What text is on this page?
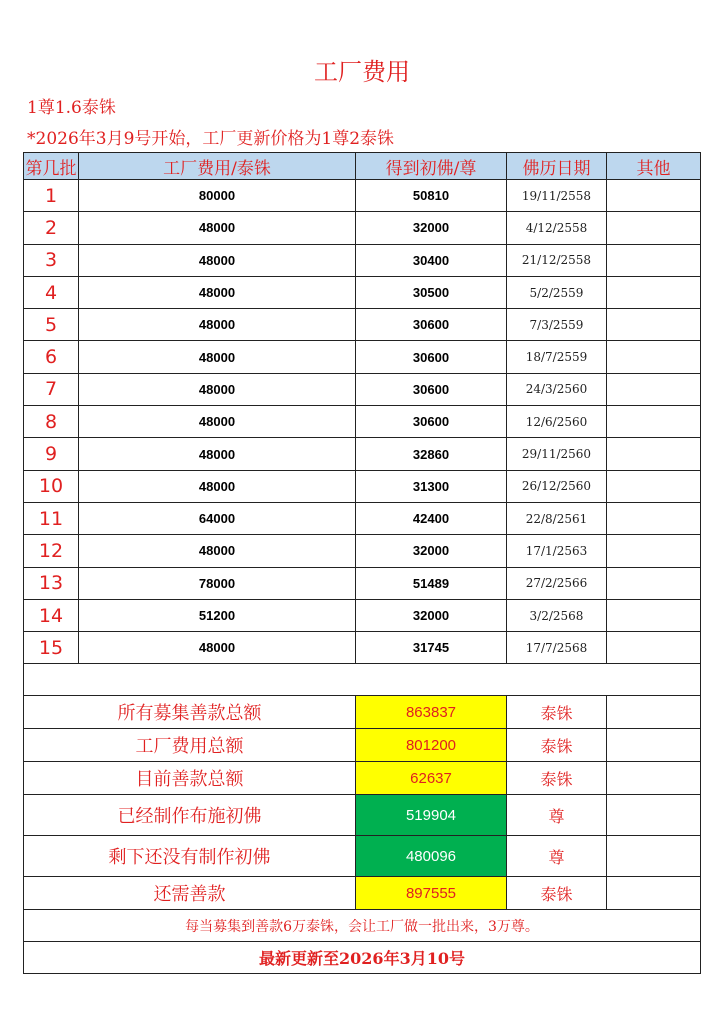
工厂费用
1尊1.6泰铢
*2026年3月9号开始，工厂更新价格为1尊2泰铢
第几批	工厂费用/泰铢	得到初佛/尊	佛历日期	其他
1	80000	50810	19/11/2558	
2	48000	32000	4/12/2558	
3	48000	30400	21/12/2558	
4	48000	30500	5/2/2559	
5	48000	30600	7/3/2559	
6	48000	30600	18/7/2559	
7	48000	30600	24/3/2560	
8	48000	30600	12/6/2560	
9	48000	32860	29/11/2560	
10	48000	31300	26/12/2560	
11	64000	42400	22/8/2561	
12	48000	32000	17/1/2563	
13	78000	51489	27/2/2566	
14	51200	32000	3/2/2568	
15	48000	31745	17/7/2568	

所有募集善款总额		863837	泰铢	
工厂费用总额		801200	泰铢	
目前善款总额		62637	泰铢	
已经制作布施初佛		519904	尊	
剩下还没有制作初佛		480096	尊	
还需善款		897555	泰铢	
每当募集到善款6万泰铢，会让工厂做一批出来，3万尊。				
最新更新至2026年3月10号				
